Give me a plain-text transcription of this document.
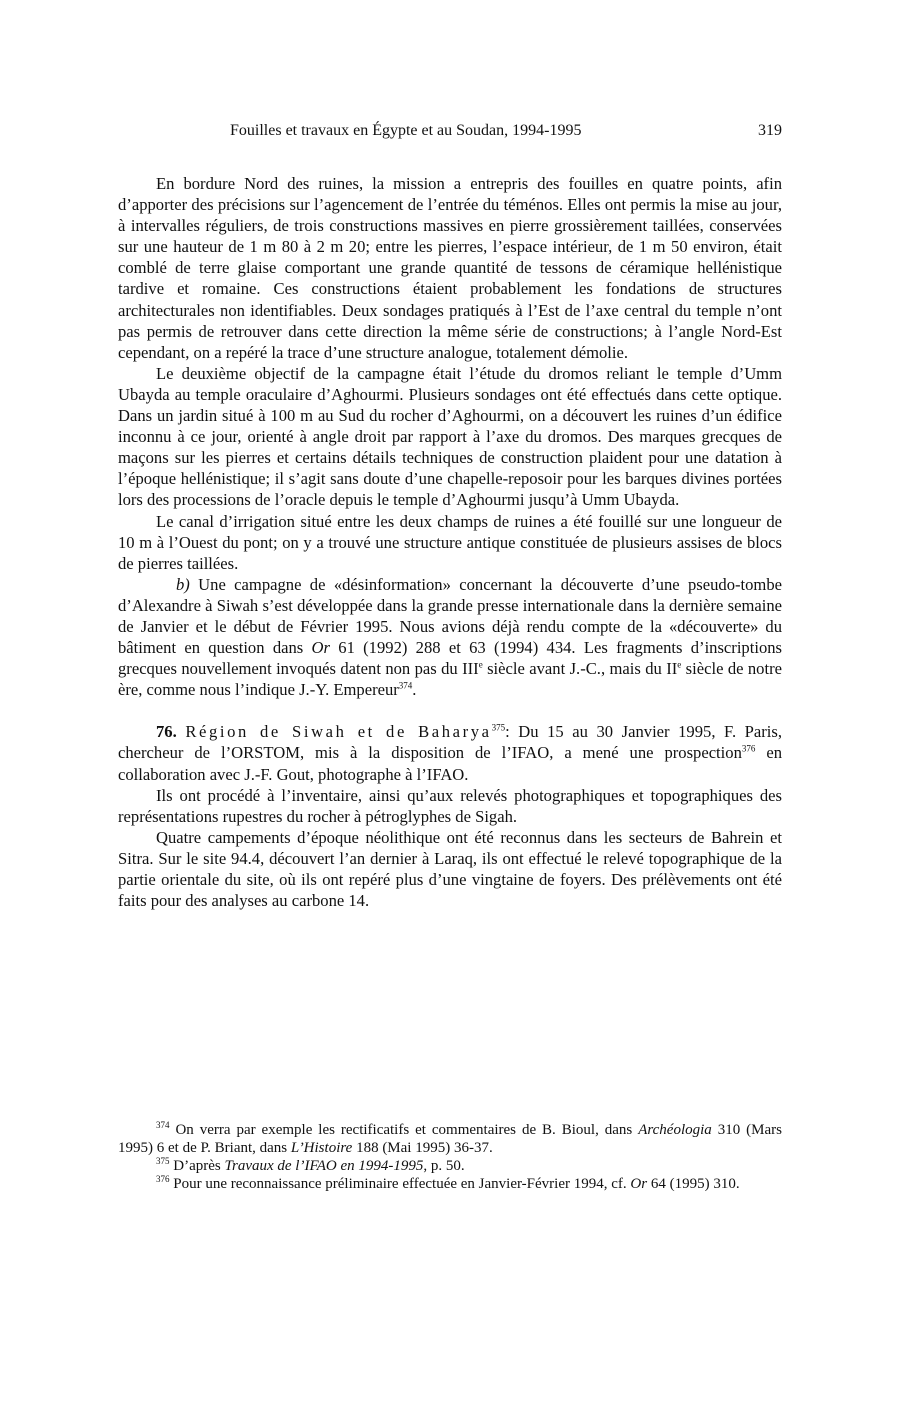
Fouilles et travaux en Égypte et au Soudan, 1994-1995	319

En bordure Nord des ruines, la mission a entrepris des fouilles en quatre points, afin d’apporter des précisions sur l’agencement de l’entrée du téménos. Elles ont permis la mise au jour, à intervalles réguliers, de trois constructions massives en pierre grossièrement taillées, conservées sur une hauteur de 1 m 80 à 2 m 20; entre les pierres, l’espace intérieur, de 1 m 50 environ, était comblé de terre glaise comportant une grande quantité de tessons de céramique hellénistique tardive et romaine. Ces constructions étaient probablement les fondations de structures architecturales non identifiables. Deux sondages pratiqués à l’Est de l’axe central du temple n’ont pas permis de retrouver dans cette direction la même série de constructions; à l’angle Nord-Est cependant, on a repéré la trace d’une structure analogue, totalement démolie.

Le deuxième objectif de la campagne était l’étude du dromos reliant le temple d’Umm Ubayda au temple oraculaire d’Aghourmi. Plusieurs sondages ont été effectués dans cette optique. Dans un jardin situé à 100 m au Sud du rocher d’Aghourmi, on a découvert les ruines d’un édifice inconnu à ce jour, orienté à angle droit par rapport à l’axe du dromos. Des marques grecques de maçons sur les pierres et certains détails techniques de construction plaident pour une datation à l’époque hellénistique; il s’agit sans doute d’une chapelle-reposoir pour les barques divines portées lors des processions de l’oracle depuis le temple d’Aghourmi jusqu’à Umm Ubayda.

Le canal d’irrigation situé entre les deux champs de ruines a été fouillé sur une longueur de 10 m à l’Ouest du pont; on y a trouvé une structure antique constituée de plusieurs assises de blocs de pierres taillées.

b) Une campagne de «désinformation» concernant la découverte d’une pseudo-tombe d’Alexandre à Siwah s’est développée dans la grande presse internationale dans la dernière semaine de Janvier et le début de Février 1995. Nous avions déjà rendu compte de la «découverte» du bâtiment en question dans Or 61 (1992) 288 et 63 (1994) 434. Les fragments d’inscriptions grecques nouvellement invoqués datent non pas du IIIe siècle avant J.-C., mais du IIe siècle de notre ère, comme nous l’indique J.-Y. Empereur$^{374}$.

76. Région de Siwah et de Baharya$^{375}$: Du 15 au 30 Janvier 1995, F. Paris, chercheur de l’ORSTOM, mis à la disposition de l’IFAO, a mené une prospection$^{376}$ en collaboration avec J.-F. Gout, photographe à l’IFAO.

Ils ont procédé à l’inventaire, ainsi qu’aux relevés photographiques et topographiques des représentations rupestres du rocher à pétroglyphes de Sigah.

Quatre campements d’époque néolithique ont été reconnus dans les secteurs de Bahrein et Sitra. Sur le site 94.4, découvert l’an dernier à Laraq, ils ont effectué le relevé topographique de la partie orientale du site, où ils ont repéré plus d’une vingtaine de foyers. Des prélèvements ont été faits pour des analyses au carbone 14.

$^{374}$ On verra par exemple les rectificatifs et commentaires de B. Bioul, dans Archéologia 310 (Mars 1995) 6 et de P. Briant, dans L’Histoire 188 (Mai 1995) 36-37.

$^{375}$ D’après Travaux de l’IFAO en 1994-1995, p. 50.

$^{376}$ Pour une reconnaissance préliminaire effectuée en Janvier-Février 1994, cf. Or 64 (1995) 310.
